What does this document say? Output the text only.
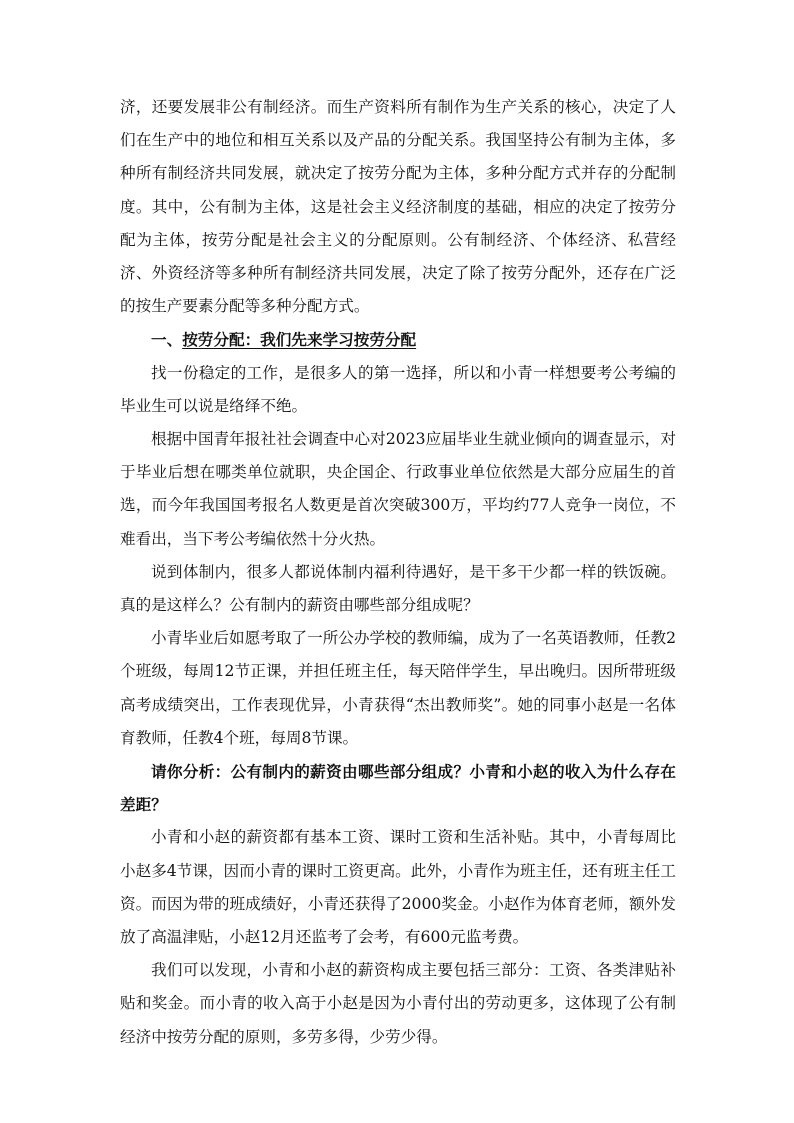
济，还要发展非公有制经济。而生产资料所有制作为生产关系的核心，决定了人们在生产中的地位和相互关系以及产品的分配关系。我国坚持公有制为主体，多种所有制经济共同发展，就决定了按劳分配为主体，多种分配方式并存的分配制度。其中，公有制为主体，这是社会主义经济制度的基础，相应的决定了按劳分配为主体，按劳分配是社会主义的分配原则。公有制经济、个体经济、私营经济、外资经济等多种所有制经济共同发展，决定了除了按劳分配外，还存在广泛的按生产要素分配等多种分配方式。

一、按劳分配：我们先来学习按劳分配

找一份稳定的工作，是很多人的第一选择，所以和小青一样想要考公考编的毕业生可以说是络绎不绝。

根据中国青年报社社会调查中心对2023应届毕业生就业倾向的调查显示，对于毕业后想在哪类单位就职，央企国企、行政事业单位依然是大部分应届生的首选，而今年我国国考报名人数更是首次突破300万，平均约77人竞争一岗位，不难看出，当下考公考编依然十分火热。

说到体制内，很多人都说体制内福利待遇好，是干多干少都一样的铁饭碗。真的是这样么？公有制内的薪资由哪些部分组成呢？

小青毕业后如愿考取了一所公办学校的教师编，成为了一名英语教师，任教2个班级，每周12节正课，并担任班主任，每天陪伴学生，早出晚归。因所带班级高考成绩突出，工作表现优异，小青获得“杰出教师奖”。她的同事小赵是一名体育教师，任教4个班，每周8节课。

请你分析：公有制内的薪资由哪些部分组成？小青和小赵的收入为什么存在差距？

小青和小赵的薪资都有基本工资、课时工资和生活补贴。其中，小青每周比小赵多4节课，因而小青的课时工资更高。此外，小青作为班主任，还有班主任工资。而因为带的班成绩好，小青还获得了2000奖金。小赵作为体育老师，额外发放了高温津贴，小赵12月还监考了会考，有600元监考费。

我们可以发现，小青和小赵的薪资构成主要包括三部分：工资、各类津贴补贴和奖金。而小青的收入高于小赵是因为小青付出的劳动更多，这体现了公有制经济中按劳分配的原则，多劳多得，少劳少得。
